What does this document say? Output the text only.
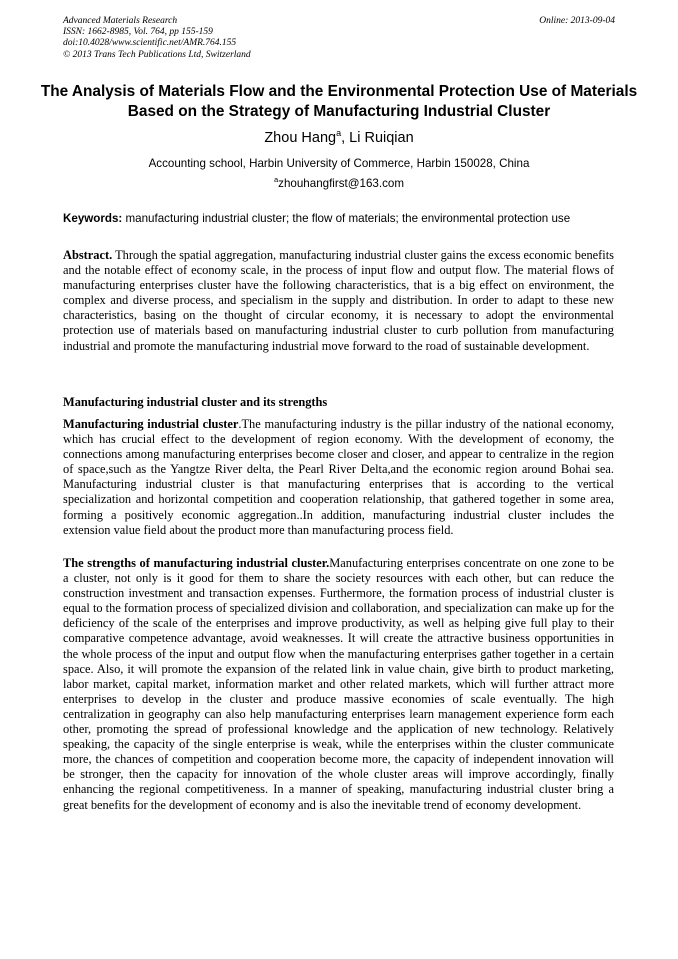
Advanced Materials Research
ISSN: 1662-8985, Vol. 764, pp 155-159
doi:10.4028/www.scientific.net/AMR.764.155
© 2013 Trans Tech Publications Ltd, Switzerland
Online: 2013-09-04
The Analysis of Materials Flow and the Environmental Protection Use of Materials Based on the Strategy of Manufacturing Industrial Cluster
Zhou Hang$^a$, Li Ruiqian
Accounting school, Harbin University of Commerce, Harbin 150028, China
$^a$zhouhangfirst@163.com
Keywords: manufacturing industrial cluster; the flow of materials; the environmental protection use
Abstract. Through the spatial aggregation, manufacturing industrial cluster gains the excess economic benefits and the notable effect of economy scale, in the process of input flow and output flow. The material flows of manufacturing enterprises cluster have the following characteristics, that is a big effect on environment, the complex and diverse process, and specialism in the supply and distribution. In order to adapt to these new characteristics, basing on the thought of circular economy, it is necessary to adopt the environmental protection use of materials based on manufacturing industrial cluster to curb pollution from manufacturing industrial and promote the manufacturing industrial move forward to the road of sustainable development.
Manufacturing industrial cluster and its strengths
Manufacturing industrial cluster.The manufacturing industry is the pillar industry of the national economy, which has crucial effect to the development of region economy. With the development of economy, the connections among manufacturing enterprises become closer and closer, and appear to centralize in the region of space,such as the Yangtze River delta, the Pearl River Delta,and the economic region around Bohai sea. Manufacturing industrial cluster is that manufacturing enterprises that is according to the vertical specialization and horizontal competition and cooperation relationship, that gathered together in some area, forming a positively economic aggregation..In addition, manufacturing industrial cluster includes the extension value field about the product more than manufacturing process field.
The strengths of manufacturing industrial cluster.Manufacturing enterprises concentrate on one zone to be a cluster, not only is it good for them to share the society resources with each other, but can reduce the construction investment and transaction expenses. Furthermore, the formation process of industrial cluster is equal to the formation process of specialized division and collaboration, and specialization can make up for the deficiency of the scale of the enterprises and improve productivity, as well as helping give full play to their comparative competence advantage, avoid weaknesses. It will create the attractive business opportunities in the whole process of the input and output flow when the manufacturing enterprises gather together in a certain space. Also, it will promote the expansion of the related link in value chain, give birth to product marketing, labor market, capital market, information market and other related markets, which will further attract more enterprises to develop in the cluster and produce massive economies of scale eventually. The high centralization in geography can also help manufacturing enterprises learn management experience form each other, promoting the spread of professional knowledge and the application of new technology. Relatively speaking, the capacity of the single enterprise is weak, while the enterprises within the cluster communicate more, the chances of competition and cooperation become more, the capacity of independent innovation will be stronger, then the capacity for innovation of the whole cluster areas will improve accordingly, finally enhancing the regional competitiveness. In a manner of speaking, manufacturing industrial cluster bring a great benefits for the development of economy and is also the inevitable trend of economy development.
